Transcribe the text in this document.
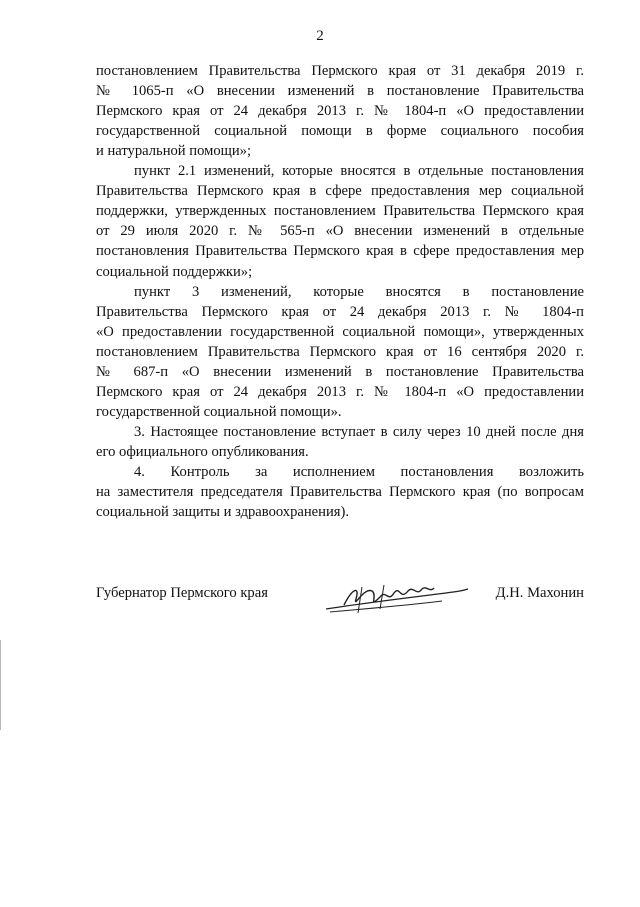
2
постановлением Правительства Пермского края от 31 декабря 2019 г.
№ 1065-п «О внесении изменений в постановление Правительства
Пермского края от 24 декабря 2013 г. № 1804-п «О предоставлении
государственной социальной помощи в форме социального пособия
и натуральной помощи»;
пункт 2.1 изменений, которые вносятся в отдельные постановления
Правительства Пермского края в сфере предоставления мер социальной
поддержки, утвержденных постановлением Правительства Пермского края
от 29 июля 2020 г. № 565-п «О внесении изменений в отдельные
постановления Правительства Пермского края в сфере предоставления мер
социальной поддержки»;
пункт 3 изменений, которые вносятся в постановление
Правительства Пермского края от 24 декабря 2013 г. № 1804-п
«О предоставлении государственной социальной помощи», утвержденных
постановлением Правительства Пермского края от 16 сентября 2020 г.
№ 687-п «О внесении изменений в постановление Правительства
Пермского края от 24 декабря 2013 г. № 1804-п «О предоставлении
государственной социальной помощи».
3. Настоящее постановление вступает в силу через 10 дней после дня
его официального опубликования.
4. Контроль за исполнением постановления возложить
на заместителя председателя Правительства Пермского края (по вопросам
социальной защиты и здравоохранения).
Губернатор Пермского края	Д.Н. Махонин
